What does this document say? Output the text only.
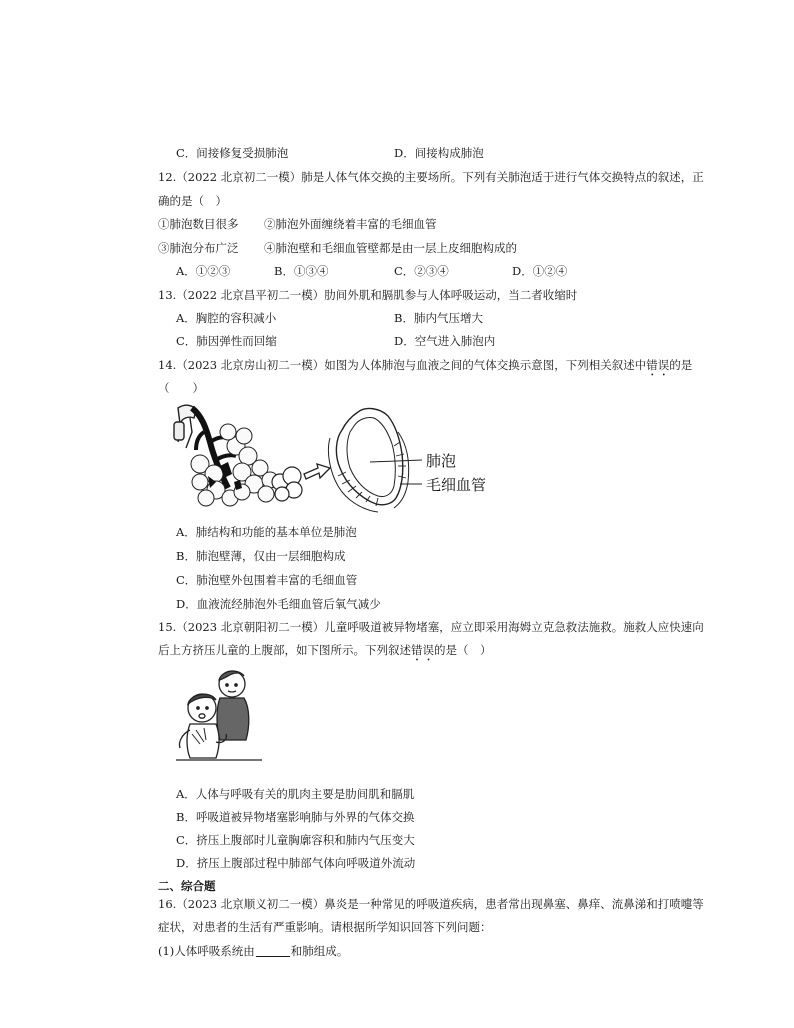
C．间接修复受损肺泡	D．间接构成肺泡
12.（2022 北京初二一模）肺是人体气体交换的主要场所。下列有关肺泡适于进行气体交换特点的叙述，正
确的是（　）
①肺泡数目很多 ②肺泡外面缠绕着丰富的毛细血管
③肺泡分布广泛 ④肺泡壁和毛细血管壁都是由一层上皮细胞构成的
A．①②③	B．①③④	C．②③④	D．①②④
13.（2022 北京昌平初二一模）肋间外肌和膈肌参与人体呼吸运动，当二者收缩时
A．胸腔的容积减小	B．肺内气压增大
C．肺因弹性而回缩	D．空气进入肺泡内
14.（2023 北京房山初二一模）如图为人体肺泡与血液之间的气体交换示意图，下列相关叙述中错误的是
（　　）
肺泡
毛细血管
A．肺结构和功能的基本单位是肺泡
B．肺泡壁薄，仅由一层细胞构成
C．肺泡壁外包围着丰富的毛细血管
D．血液流经肺泡外毛细血管后氧气减少
15.（2023 北京朝阳初二一模）儿童呼吸道被异物堵塞，应立即采用海姆立克急救法施救。施救人应快速向
后上方挤压儿童的上腹部，如下图所示。下列叙述错误的是（　）
A．人体与呼吸有关的肌肉主要是肋间肌和膈肌
B．呼吸道被异物堵塞影响肺与外界的气体交换
C．挤压上腹部时儿童胸廓容积和肺内气压变大
D．挤压上腹部过程中肺部气体向呼吸道外流动
二、综合题
16.（2023 北京顺义初二一模）鼻炎是一种常见的呼吸道疾病，患者常出现鼻塞、鼻痒、流鼻涕和打喷嚏等
症状，对患者的生活有严重影响。请根据所学知识回答下列问题：
(1)人体呼吸系统由	和肺组成。
